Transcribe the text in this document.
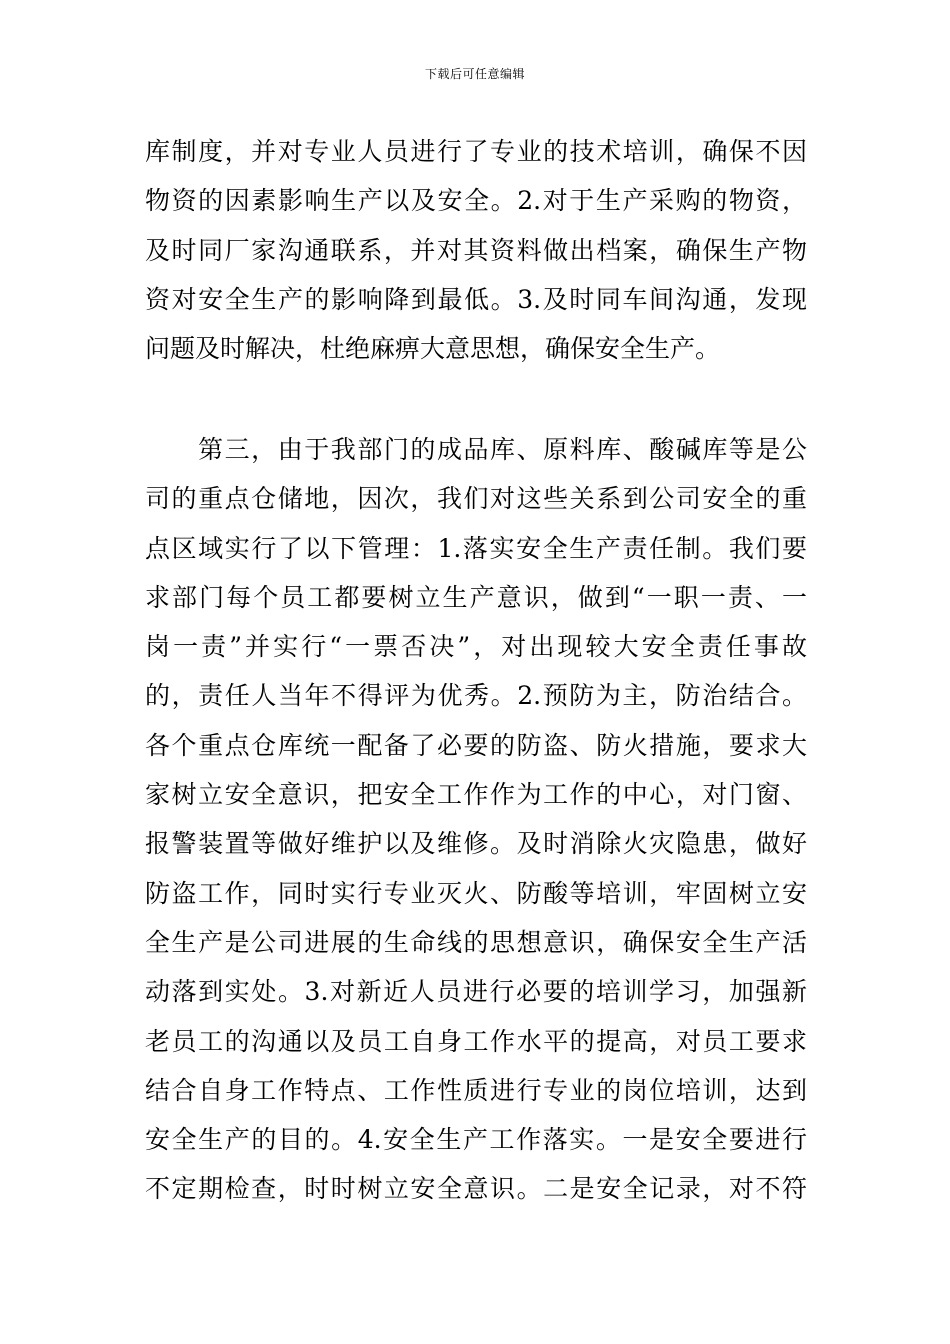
下载后可任意编辑
库制度，并对专业人员进行了专业的技术培训，确保不因
物资的因素影响生产以及安全。2.对于生产采购的物资，
及时同厂家沟通联系，并对其资料做出档案，确保生产物
资对安全生产的影响降到最低。3.及时同车间沟通，发现
问题及时解决，杜绝麻痹大意思想，确保安全生产。
　　第三，由于我部门的成品库、原料库、酸碱库等是公
司的重点仓储地，因次，我们对这些关系到公司安全的重
点区域实行了以下管理：1.落实安全生产责任制。我们要
求部门每个员工都要树立生产意识，做到“一职一责、一
岗一责”并实行“一票否决”，对出现较大安全责任事故
的，责任人当年不得评为优秀。2.预防为主，防治结合。
各个重点仓库统一配备了必要的防盗、防火措施，要求大
家树立安全意识，把安全工作作为工作的中心，对门窗、
报警装置等做好维护以及维修。及时消除火灾隐患，做好
防盗工作，同时实行专业灭火、防酸等培训，牢固树立安
全生产是公司进展的生命线的思想意识，确保安全生产活
动落到实处。3.对新近人员进行必要的培训学习，加强新
老员工的沟通以及员工自身工作水平的提高，对员工要求
结合自身工作特点、工作性质进行专业的岗位培训，达到
安全生产的目的。4.安全生产工作落实。一是安全要进行
不定期检查，时时树立安全意识。二是安全记录，对不符
